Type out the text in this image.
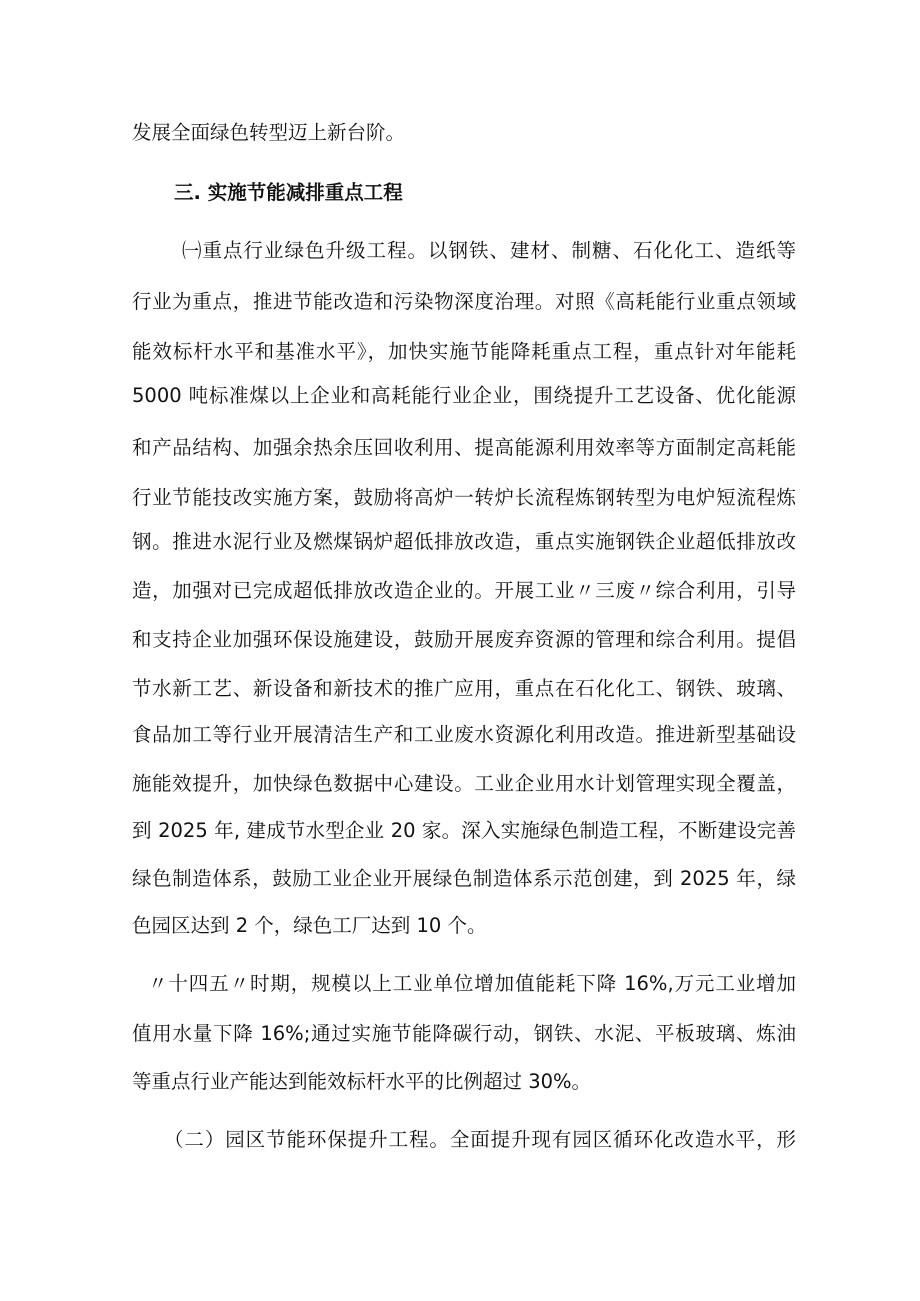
发展全面绿色转型迈上新台阶。
三. 实施节能减排重点工程
㈠重点行业绿色升级工程。以钢铁、建材、制糖、石化化工、造纸等
行业为重点，推进节能改造和污染物深度治理。对照《高耗能行业重点领域
能效标杆水平和基准水平》，加快实施节能降耗重点工程，重点针对年能耗
5000 吨标准煤以上企业和高耗能行业企业，围绕提升工艺设备、优化能源
和产品结构、加强余热余压回收利用、提高能源利用效率等方面制定高耗能
行业节能技改实施方案，鼓励将高炉一转炉长流程炼钢转型为电炉短流程炼
钢。推进水泥行业及燃煤锅炉超低排放改造，重点实施钢铁企业超低排放改
造，加强对已完成超低排放改造企业的。开展工业〃三废〃综合利用，引导
和支持企业加强环保设施建设，鼓励开展废弃资源的管理和综合利用。提倡
节水新工艺、新设备和新技术的推广应用，重点在石化化工、钢铁、玻璃、
食品加工等行业开展清洁生产和工业废水资源化利用改造。推进新型基础设
施能效提升，加快绿色数据中心建设。工业企业用水计划管理实现全覆盖，
到 2025 年, 建成节水型企业 20 家。深入实施绿色制造工程，不断建设完善
绿色制造体系，鼓励工业企业开展绿色制造体系示范创建，到 2025 年，绿
色园区达到 2 个，绿色工厂达到 10 个。
〃十四五〃时期，规模以上工业单位增加值能耗下降 16%,万元工业增加
值用水量下降 16%;通过实施节能降碳行动，钢铁、水泥、平板玻璃、炼油
等重点行业产能达到能效标杆水平的比例超过 30%。
（二）园区节能环保提升工程。全面提升现有园区循环化改造水平，形
